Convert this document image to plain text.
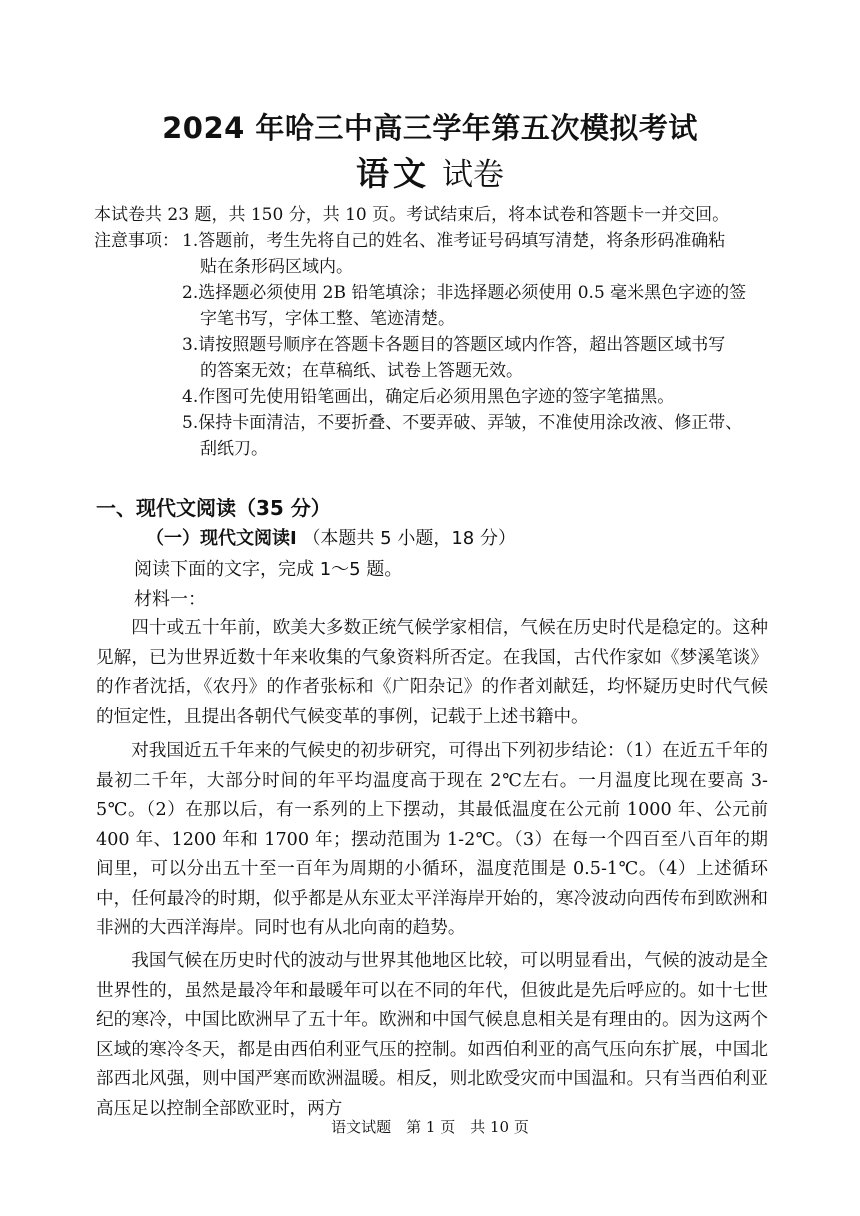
2024 年哈三中高三学年第五次模拟考试
语文 试卷
本试卷共 23 题，共 150 分，共 10 页。考试结束后，将本试卷和答题卡一并交回。
注意事项： 1.答题前，考生先将自己的姓名、准考证号码填写清楚，将条形码准确粘
贴在条形码区域内。
2.选择题必须使用 2B 铅笔填涂；非选择题必须使用 0.5 毫米黑色字迹的签
字笔书写，字体工整、笔迹清楚。
3.请按照题号顺序在答题卡各题目的答题区域内作答，超出答题区域书写
的答案无效；在草稿纸、试卷上答题无效。
4.作图可先使用铅笔画出，确定后必须用黑色字迹的签字笔描黑。
5.保持卡面清洁，不要折叠、不要弄破、弄皱，不准使用涂改液、修正带、
刮纸刀。
一、现代文阅读（35 分）
（一）现代文阅读Ⅰ （本题共 5 小题，18 分）
阅读下面的文字，完成 1～5 题。
材料一：

四十或五十年前，欧美大多数正统气候学家相信，气候在历史时代是稳定的。这种见解，已为世界近数十年来收集的气象资料所否定。在我国，古代作家如《梦溪笔谈》的作者沈括，《农丹》的作者张标和《广阳杂记》的作者刘献廷，均怀疑历史时代气候的恒定性，且提出各朝代气候变革的事例，记载于上述书籍中。

对我国近五千年来的气候史的初步研究，可得出下列初步结论：（1）在近五千年的最初二千年，大部分时间的年平均温度高于现在 2℃左右。一月温度比现在要高 3-5℃。（2）在那以后，有一系列的上下摆动，其最低温度在公元前 1000 年、公元前 400 年、1200 年和 1700 年；摆动范围为 1-2℃。（3）在每一个四百至八百年的期间里，可以分出五十至一百年为周期的小循环，温度范围是 0.5-1℃。（4）上述循环中，任何最冷的时期，似乎都是从东亚太平洋海岸开始的，寒冷波动向西传布到欧洲和非洲的大西洋海岸。同时也有从北向南的趋势。

我国气候在历史时代的波动与世界其他地区比较，可以明显看出，气候的波动是全世界性的，虽然是最冷年和最暖年可以在不同的年代，但彼此是先后呼应的。如十七世纪的寒冷，中国比欧洲早了五十年。欧洲和中国气候息息相关是有理由的。因为这两个区域的寒冷冬天，都是由西伯利亚气压的控制。如西伯利亚的高气压向东扩展，中国北部西北风强，则中国严寒而欧洲温暖。相反，则北欧受灾而中国温和。只有当西伯利亚高压足以控制全部欧亚时，两方

语文试题　第 1 页　共 10 页
